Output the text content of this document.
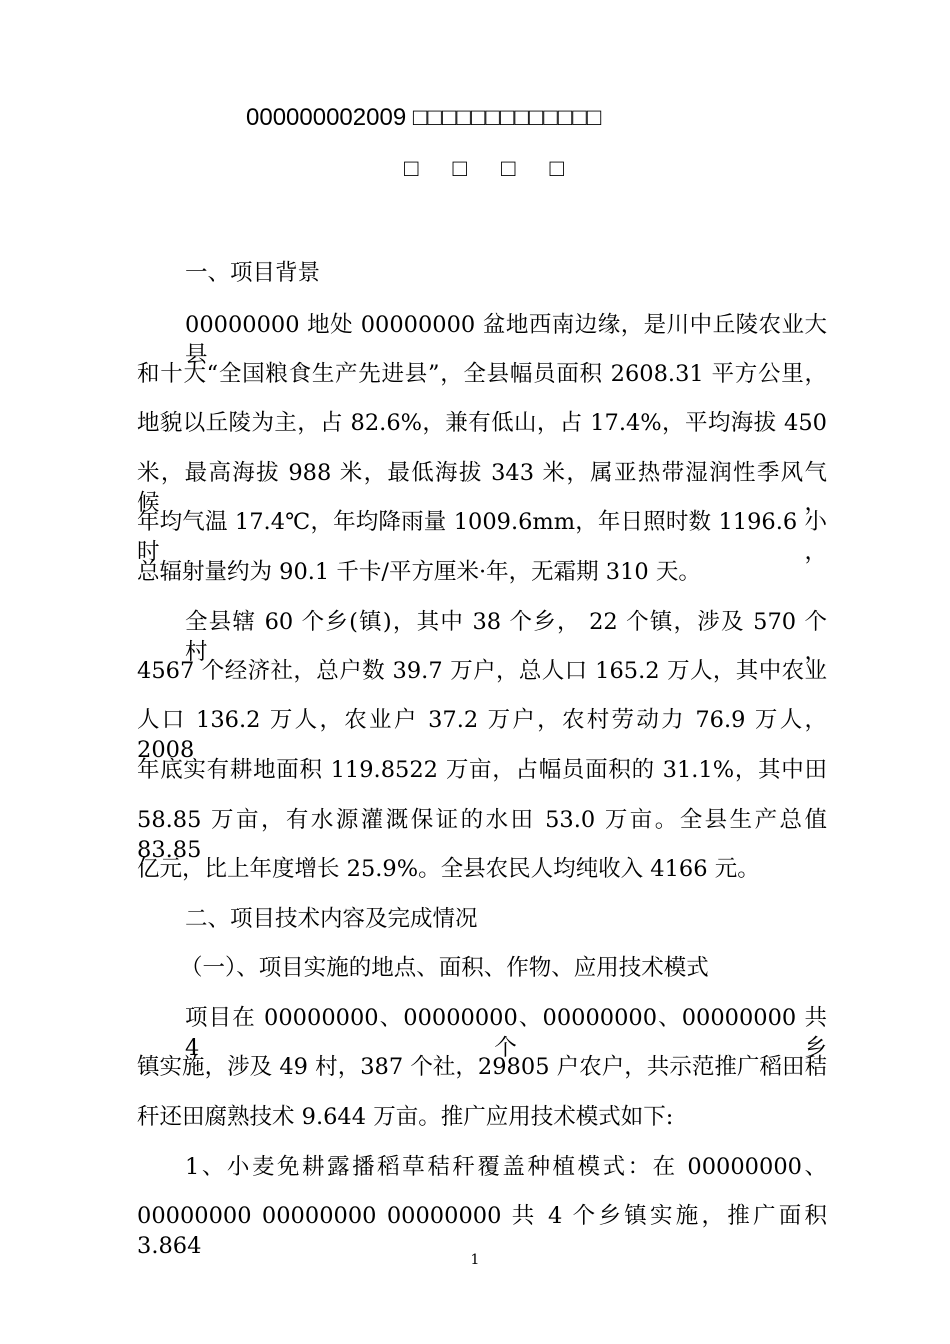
000000002009 □□□□□□□□□□□□□
□□□□
一、项目背景
00000000 地处 00000000 盆地西南边缘，是川中丘陵农业大县
和十大“全国粮食生产先进县”，全县幅员面积 2608.31 平方公里，
地貌以丘陵为主，占 82.6%，兼有低山，占 17.4%，平均海拔 450
米，最高海拔 988 米，最低海拔 343 米，属亚热带湿润性季风气候，
年均气温 17.4℃，年均降雨量 1009.6mm，年日照时数 1196.6 小时，
总辐射量约为 90.1 千卡/平方厘米·年，无霜期 310 天。
全县辖 60 个乡(镇)，其中 38 个乡， 22 个镇，涉及 570 个村，
4567 个经济社，总户数 39.7 万户，总人口 165.2 万人，其中农业
人口 136.2 万人，农业户 37.2 万户，农村劳动力 76.9 万人，2008
年底实有耕地面积 119.8522 万亩，占幅员面积的 31.1%，其中田
58.85 万亩，有水源灌溉保证的水田 53.0 万亩。全县生产总值 83.85
亿元，比上年度增长 25.9%。全县农民人均纯收入 4166 元。
二、项目技术内容及完成情况
（一）、项目实施的地点、面积、作物、应用技术模式
项目在 00000000、00000000、00000000、00000000 共 4 个乡
镇实施，涉及 49 村，387 个社，29805 户农户，共示范推广稻田秸
秆还田腐熟技术 9.644 万亩。推广应用技术模式如下:
1、小麦免耕露播稻草秸秆覆盖种植模式：在 00000000、
00000000 00000000 00000000 共 4 个乡镇实施，推广面积 3.864
1
